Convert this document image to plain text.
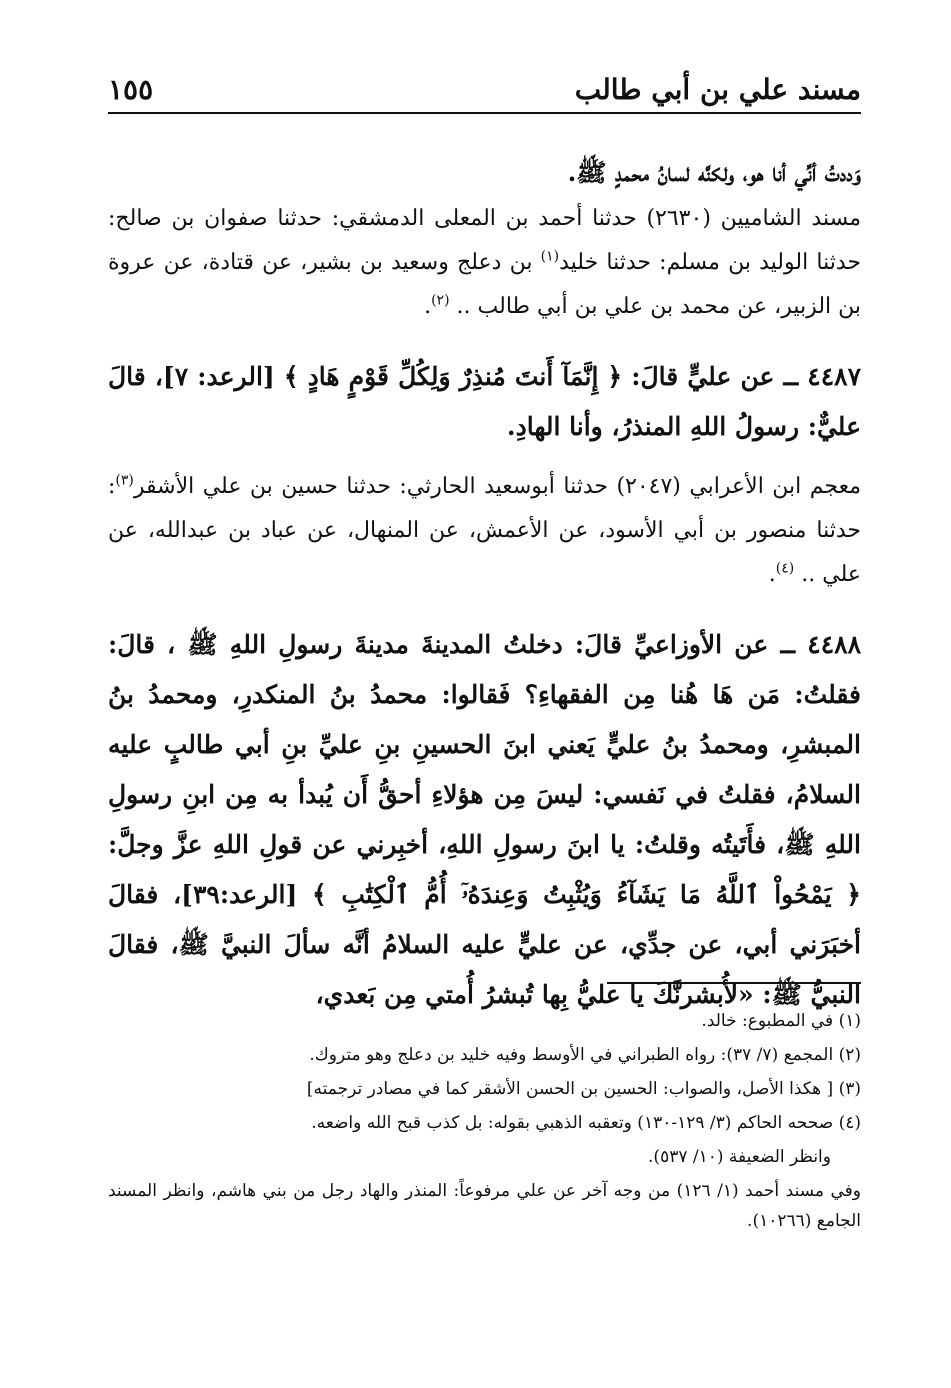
مسند علي بن أبي طالب
١٥٥
وَددتُ أنِّي أنا هو، ولكنَّه لسانُ محمدٍ ﷺ.
مسند الشاميين (٢٦٣٠) حدثنا أحمد بن المعلى الدمشقي: حدثنا صفوان بن صالح: حدثنا الوليد بن مسلم: حدثنا خليد$^{(١)}$ بن دعلج وسعيد بن بشير، عن قتادة، عن عروة بن الزبير، عن محمد بن علي بن أبي طالب .. $^{(٢)}$.
٤٤٨٧ ــ عن عليٍّ قالَ: ﴿ إِنَّمَآ أَنتَ مُنذِرٌ وَلِكُلِّ قَوْمٍ هَادٍ ﴾ [الرعد: ٧]، قالَ عليٌّ: رسولُ اللهِ المنذرُ، وأنا الهادِ.
معجم ابن الأعرابي (٢٠٤٧) حدثنا أبوسعيد الحارثي: حدثنا حسين بن علي الأشقر$^{(٣)}$: حدثنا منصور بن أبي الأسود، عن الأعمش، عن المنهال، عن عباد بن عبدالله، عن علي .. $^{(٤)}$.
٤٤٨٨ ــ عن الأوزاعيِّ قالَ: دخلتُ المدينةَ مدينةَ رسولِ اللهِ ﷺ ، قالَ: فقلتُ: مَن هَا هُنا مِن الفقهاءِ؟ فَقالوا: محمدُ بنُ المنكدرِ، ومحمدُ بنُ المبشرِ، ومحمدُ بنُ عليٍّ يَعني ابنَ الحسينِ بنِ عليِّ بنِ أبي طالبٍ عليه السلامُ، فقلتُ في نَفسي: ليسَ مِن هؤلاءِ أحقُّ أَن يُبدأ به مِن ابنِ رسولِ اللهِ ﷺ، فأَتَيتُه وقلتُ: يا ابنَ رسولِ اللهِ، أخبِرني عن قولِ اللهِ عزَّ وجلَّ: ﴿ يَمْحُواْ ٱللَّهُ مَا يَشَآءُ وَيُثْبِتُ وَعِندَهُۥٓ أُمُّ ٱلْكِتَٰبِ ﴾ [الرعد:٣٩]، فقالَ أخبَرَني أبي، عن جدِّي، عن عليٍّ عليه السلامُ أنَّه سألَ النبيَّ ﷺ، فقالَ النبيُّ ﷺ: «لأُبشرنَّكَ يا عليُّ بِها تُبشرُ أُمتي مِن بَعدي،

(١) في المطبوع: خالد.

(٢) المجمع (٧/ ٣٧): رواه الطبراني في الأوسط وفيه خليد بن دعلج وهو متروك.

(٣) [ هكذا الأصل، والصواب: الحسين بن الحسن الأشقر كما في مصادر ترجمته]

(٤) صححه الحاكم (٣/ ١٢٩-١٣٠) وتعقبه الذهبي بقوله: بل كذب قبح الله واضعه.

وانظر الضعيفة (١٠/ ٥٣٧).

وفي مسند أحمد (١/ ١٢٦) من وجه آخر عن علي مرفوعاً: المنذر والهاد رجل من بني هاشم، وانظر المسند الجامع (١٠٢٦٦).
